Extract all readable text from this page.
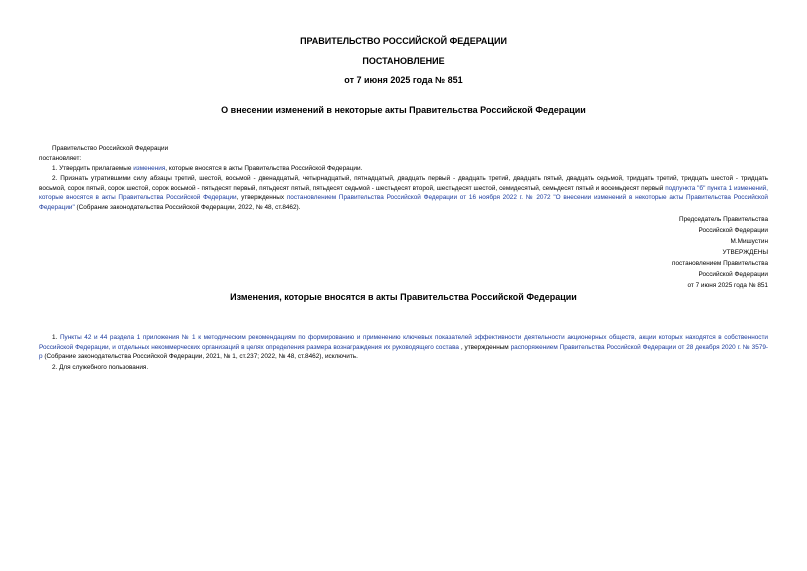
ПРАВИТЕЛЬСТВО РОССИЙСКОЙ ФЕДЕРАЦИИ
ПОСТАНОВЛЕНИЕ
от 7 июня 2025 года № 851
О внесении изменений в некоторые акты Правительства Российской Федерации
Правительство Российской Федерации
постановляет:
1. Утвердить прилагаемые изменения, которые вносятся в акты Правительства Российской Федерации.
2. Признать утратившими силу абзацы третий, шестой, восьмой - двенадцатый, четырнадцатый, пятнадцатый, двадцать первый - двадцать третий, двадцать пятый, двадцать седьмой, тридцать третий, тридцать шестой - тридцать восьмой, сорок пятый, сорок шестой, сорок восьмой - пятьдесят первый, пятьдесят пятый, пятьдесят седьмой - шестьдесят второй, шестьдесят шестой, семидесятый, семьдесят пятый и восемьдесят первый подпункта "б" пункта 1 изменений, которые вносятся в акты Правительства Российской Федерации, утвержденных постановлением Правительства Российской Федерации от 16 ноября 2022 г. № 2072 "О внесении изменений в некоторые акты Правительства Российской Федерации" (Собрание законодательства Российской Федерации, 2022, № 48, ст.8462).
Председатель Правительства
Российской Федерации
М.Мишустин
УТВЕРЖДЕНЫ
постановлением Правительства
Российской Федерации
от 7 июня 2025 года № 851
Изменения, которые вносятся в акты Правительства Российской Федерации
1. Пункты 42 и 44 раздела 1 приложения № 1 к методическим рекомендациям по формированию и применению ключевых показателей эффективности деятельности акционерных обществ, акции которых находятся в собственности Российской Федерации, и отдельных некоммерческих организаций в целях определения размера вознаграждения их руководящего состава , утвержденным распоряжением Правительства Российской Федерации от 28 декабря 2020 г. № 3579-р (Собрание законодательства Российской Федерации, 2021, № 1, ст.237; 2022, № 48, ст.8462), исключить.
2. Для служебного пользования.
